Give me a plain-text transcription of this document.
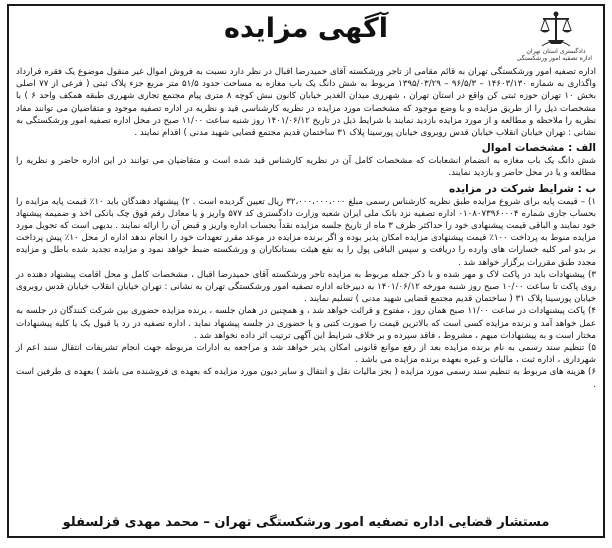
دادگستری استان تهران
اداره تصفیه امور ورشکستگی
آگهی مزایده

اداره تصفیه امور ورشکستگی تهران به قائم مقامی از تاجر ورشکسته آقای حمیدرضا اقبال در نظر دارد نسبت به فروش اموال غیر منقول موضوع یک فقره قرارداد واگذاری به شماره ۱۴۶۰۳/۱۳۰ – ۹۶/۵/۳ – ۱۳۹۵/۰۳/۲۹ مربوط به شش دانگ یک باب مغازه به مساحت حدود ۵۱/۵ متر مربع جزء پلاک ثبتی ( فرعی از ۷۷ اصلی بخش ۱۰ تهران حوزه ثبتی کن واقع در استان تهران ، شهرری میدان الغدیر خیابان کانون نبش کوچه ۸ متری پیام مجتمع تجاری شهرری طبقه همکف واحد ۶ ) با مشخصات ذیل را از طریق مزایده و با وضع موجود که مشخصات مورد مزایده در نظریه کارشناسی قید و نظریه در اداره تصفیه موجود و متقاضیان می توانند مفاد نظریه را ملاحظه و مطالعه و از مورد مزایده بازدید نمایند با شرایط ذیل در تاریخ ۱۴۰۱/۰۶/۱۲ روز شنبه ساعت ۱۱/۰۰ صبح در محل اداره تصفیه امور ورشکستگی به نشانی : تهران خیابان انقلاب خیابان قدس روبروی خیابان پورسینا پلاک ۳۱ ساختمان قدیم مجتمع قضایی شهید مدنی ) اقدام نمایند .

الف : مشخصات اموال

شش دانگ یک باب مغازه به انضمام انشعابات که مشخصات کامل آن در نظریه کارشناس قید شده است و متقاضیان می توانند در این اداره حاضر و نظریه را مطالعه و یا در محل حاضر و بازدید نمایند.

ب : شرایط شرکت در مزایده

۱) – قیمت پایه برای شروع مزایده طبق نظریه کارشناس رسمی مبلغ ۳۲،۰۰۰،۰۰۰،۰۰۰ ریال تعیین گردیده است . ۲) پیشنهاد دهندگان باید ۱۰٪ قیمت پایه مزایده را بحساب جاری شماره ۰۱۰۸۰۷۳۹۶۰۰۰۴ اداره تصفیه نزد بانک ملی ایران شعبه وزارت دادگستری کد ۵۷۷ واریز و یا معادل رقم فوق چک بانکی اخذ و ضمیمه پیشنهاد خود نمایند و الباقی قیمت پیشنهادی خود را حداکثر ظرف ۳ ماه از تاریخ جلسه مزایده نقداً بحساب اداره واریز و قبض آن را ارائه نمایند . بدیهی است که تحویل مورد مزایده منوط به پرداخت ۱۰۰٪ قیمت پیشنهادی مزایده امکان پذیر بوده و اگر برنده مزایده در موعد مقرر تعهدات خود را انجام ندهد اداره از محل ۱۰٪ پیش پرداخت بر بدو امر کلیه خسارات های وارده را دریافت و سپس الباقی پول را به نفع هیئت بستانکاران و ورشکسته ضبط خواهد نمود و مزایده تجدید شده باطل و مزایده مجدد طبق مقررات برگزار خواهد شد .

۳) پیشنهادات باید در پاکت لاک و مهر شده و با ذکر جمله مربوط به مزایده تاجر ورشکسته آقای حمیدرضا اقبال ، مشخصات کامل و محل اقامت پیشنهاد دهنده در روی پاکت تا ساعت ۱۰/۰۰ صبح روز شنبه مورخه ۱۴۰۱/۰۶/۱۲ به دبیرخانه اداره تصفیه امور ورشکستگی تهران به نشانی : تهران خیابان انقلاب خیابان قدس روبروی خیابان پورسینا پلاک ۳۱ ( ساختمان قدیم مجتمع قضایی شهید مدنی ) تسلیم نمایند .

۴) پاکت پیشنهادات در ساعت ۱۱/۰۰ صبح همان روز ، مفتوح و قرائت خواهد شد ، و همچنین در همان جلسه ، برنده مزایده حضوری بین شرکت کنندگان در جلسه به عمل خواهد آمد و برنده مزایده کسی است که بالاترین قیمت را صورت کتبی و یا حضوری در جلسه پیشنهاد نماید . اداره تصفیه در رد یا قبول یک یا کلیه پیشنهادات مختار است و به پیشنهادات مبهم ، مشروط ، فاقد سپرده و بر خلاف شرایط این آگهی ترتیب اثر داده نخواهد شد .

۵) تنظیم سند رسمی به نام برنده مزایده بعد از رفع موانع قانونی امکان پذیر خواهد شد و مراجعه به ادارات مربوطه جهت انجام تشریفات انتقال سند اعم از شهرداری ، اداره ثبت ، مالیات و غیره بعهده برنده مزایده می باشد .

۶) هزینه های مربوط به تنظیم سند رسمی مورد مزایده ( بجز مالیات نقل و انتقال و سایر دیون مورد مزایده که بعهده ی فروشنده می باشد ) بعهده ی طرفین است .

مستشار قضایی اداره تصفیه امور ورشکستگی تهران – محمد مهدی قزلسفلو
